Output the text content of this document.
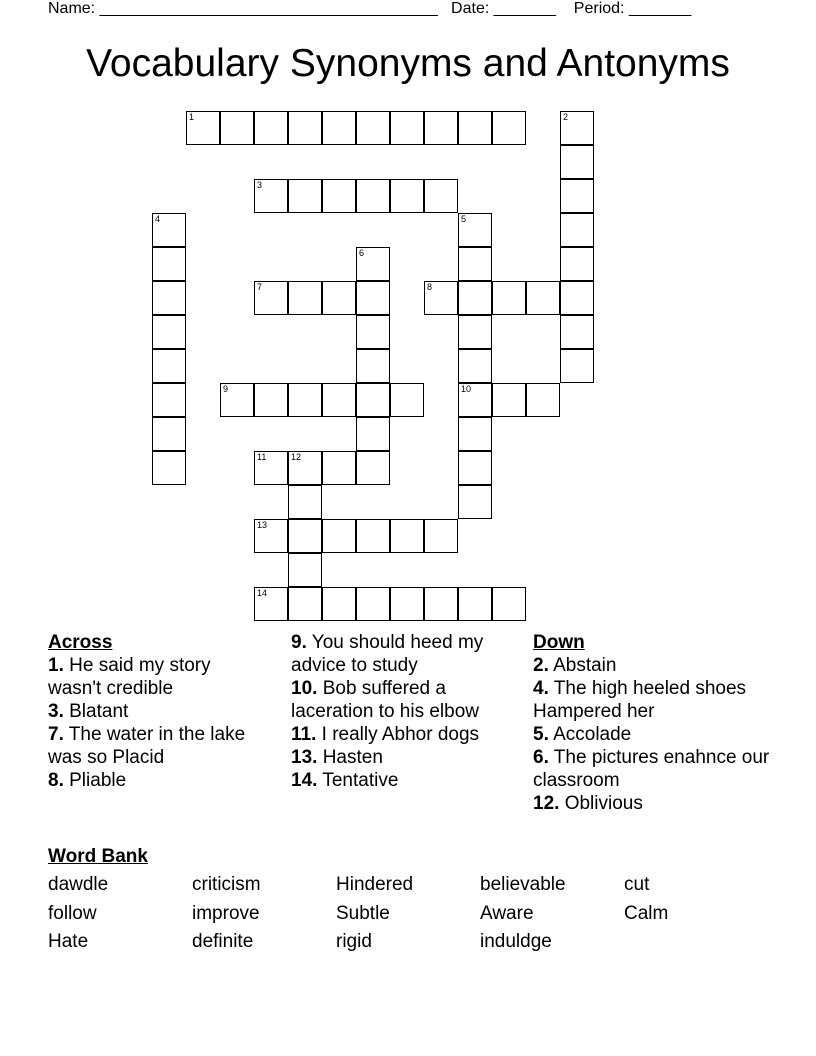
Name: ______________________________________   Date: _______    Period: _______
Vocabulary Synonyms and Antonyms
1	2
3
4	5
10
6
7	8
9
11	12
13
14
Across
1. He said my story wasn't credible
3. Blatant
7. The water in the lake was so Placid
8. Pliable
9. You should heed my advice to study
10. Bob suffered a laceration to his elbow
11. I really Abhor dogs
13. Hasten
14. Tentative
Down
2. Abstain
4. The high heeled shoes Hampered her
5. Accolade
6. The pictures enahnce our classroom
12. Oblivious
Word Bank
dawdle	criticism	Hindered	believable	cut
follow	improve	Subtle	Aware	Calm
Hate	definite	rigid	induldge
